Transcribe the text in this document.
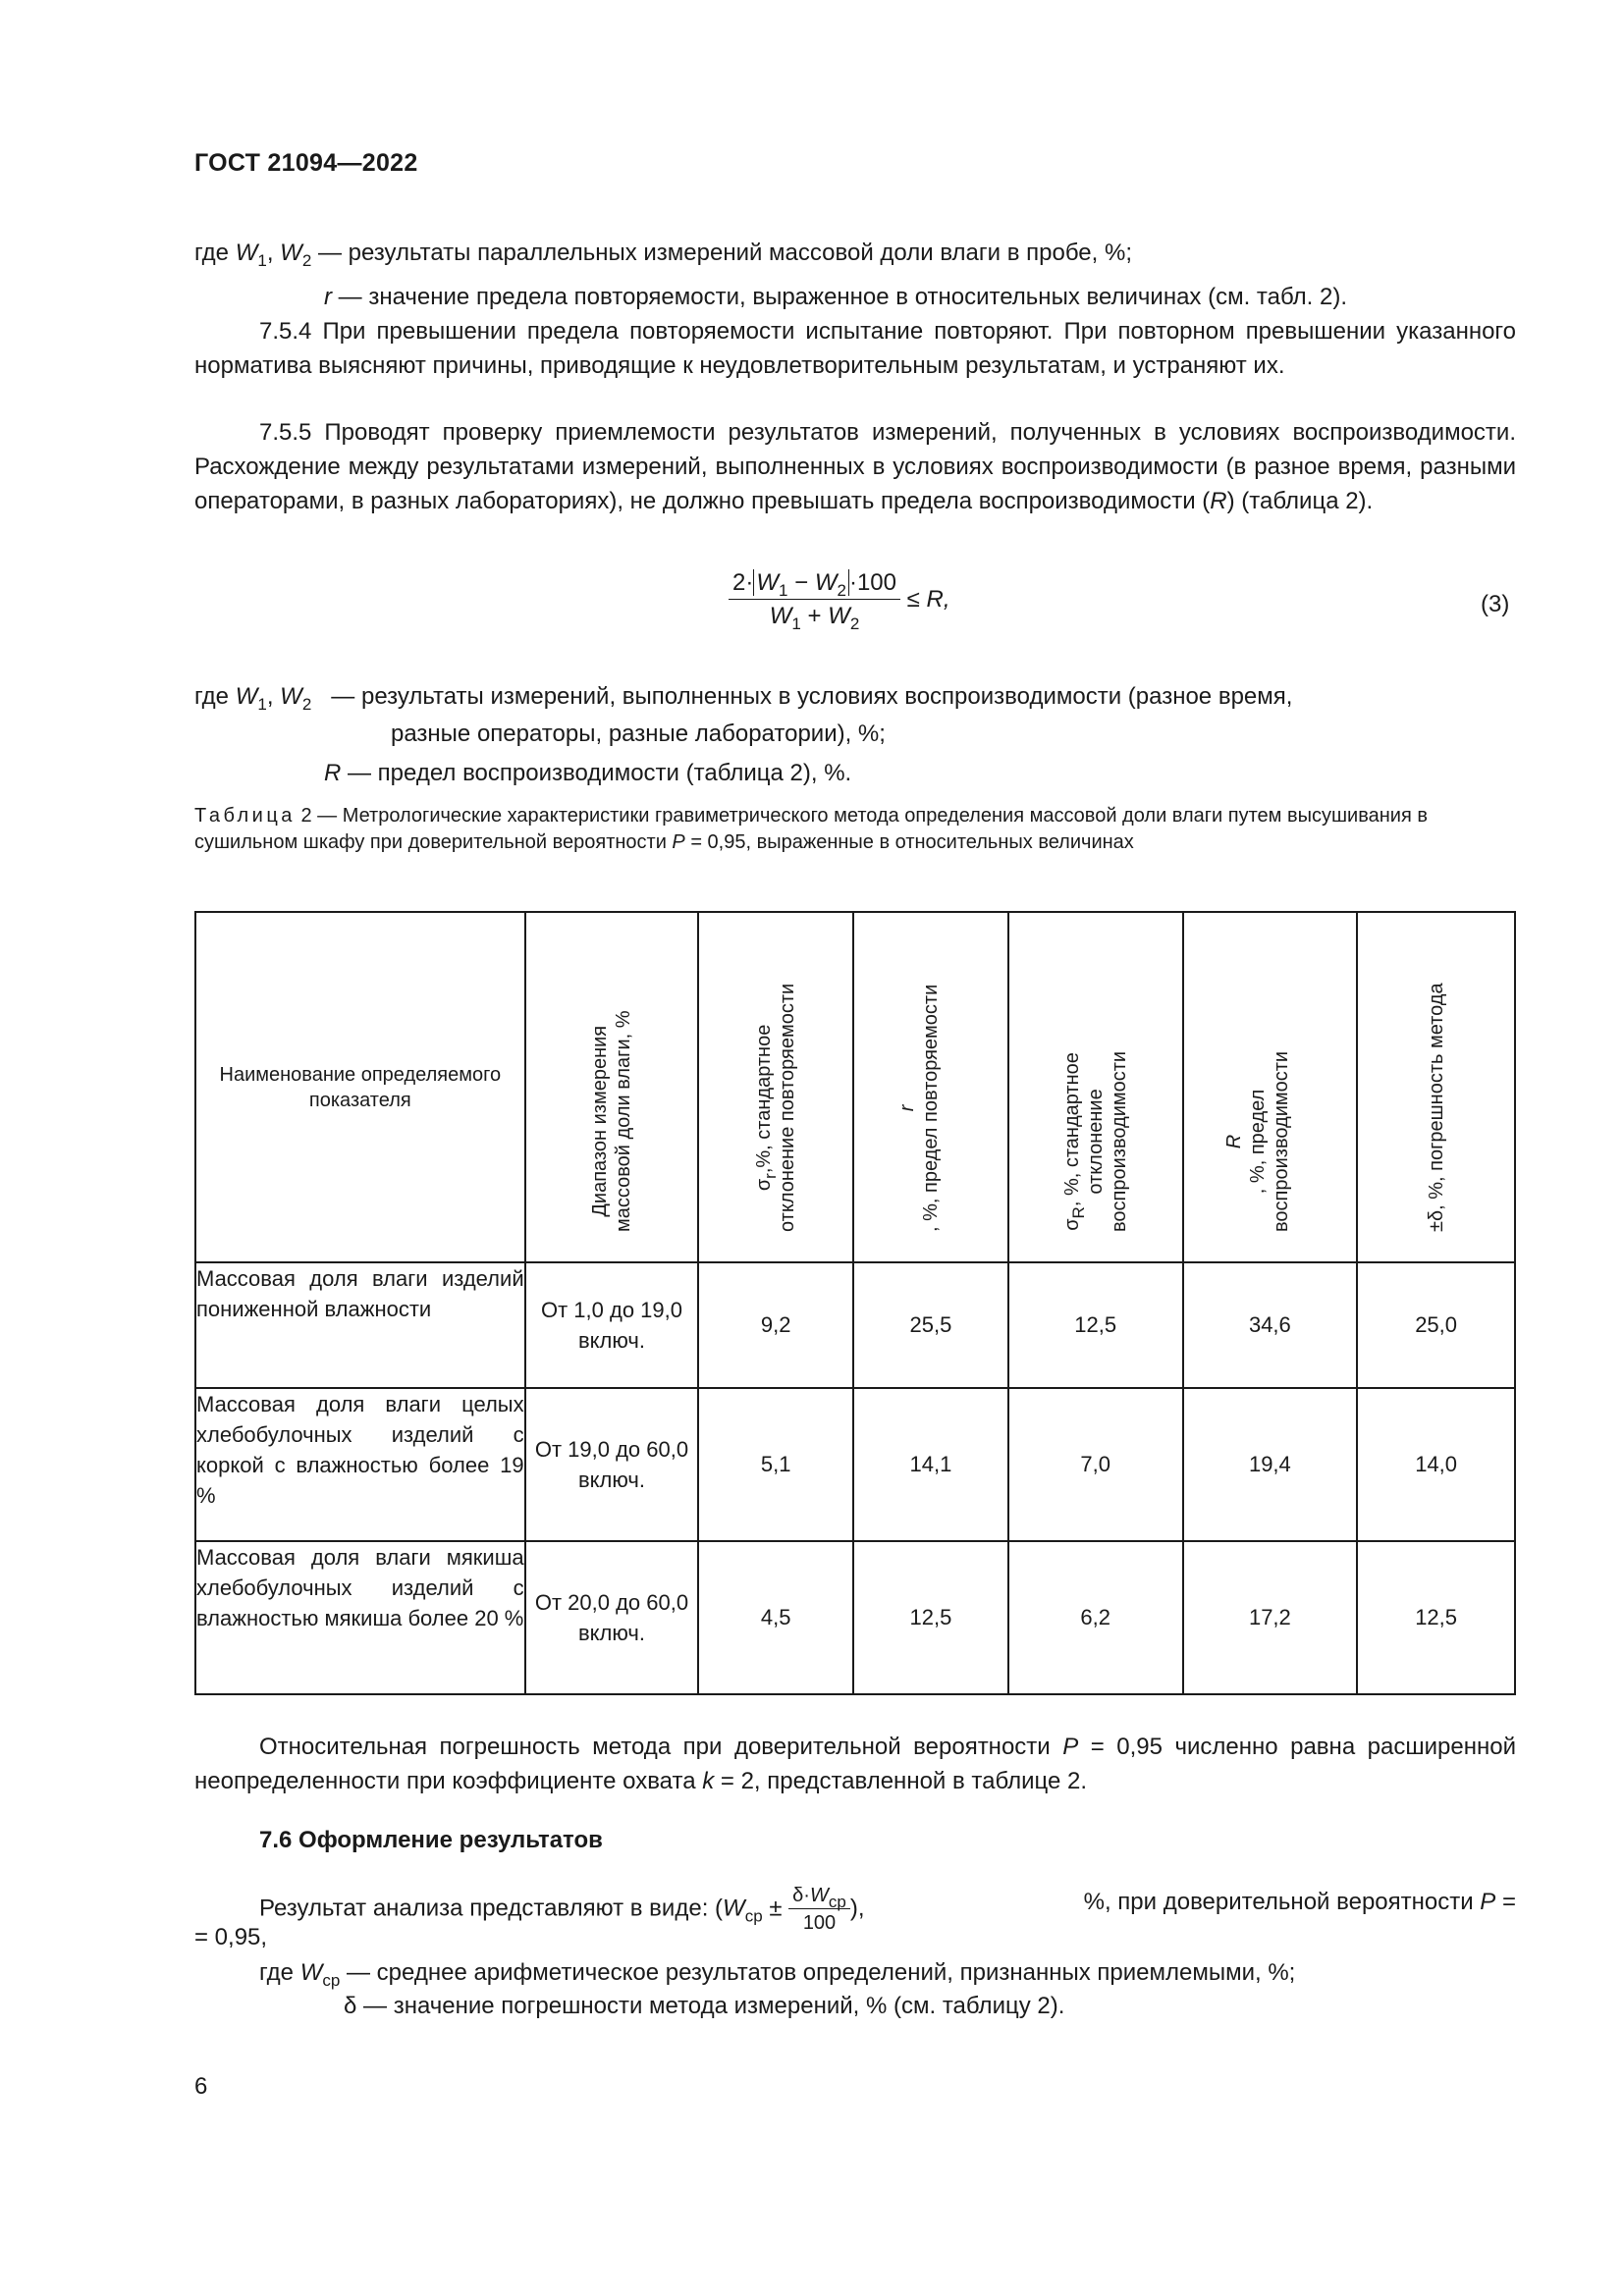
ГОСТ 21094—2022
где $W_1$, $W_2$ — результаты параллельных измерений массовой доли влаги в пробе, %;
r — значение предела повторяемости, выраженное в относительных величинах (см. табл. 2).
7.5.4 При превышении предела повторяемости испытание повторяют. При повторном превышении указанного норматива выясняют причины, приводящие к неудовлетворительным результатам, и устраняют их.
7.5.5 Проводят проверку приемлемости результатов измерений, полученных в условиях воспроизводимости. Расхождение между результатами измерений, выполненных в условиях воспроизводимости (в разное время, разными операторами, в разных лабораториях), не должно превышать предела воспроизводимости (R) (таблица 2).
$\frac{2\cdot W_1 - W_2 \cdot 100}{W_1 + W_2} \le R$,	(3)
где $W_1$, $W_2$   — результаты измерений, выполненных в условиях воспроизводимости (разное время,
разные операторы, разные лаборатории), %;
R — предел воспроизводимости (таблица 2), %.
Таблица 2 — Метрологические характеристики гравиметрического метода определения массовой доли влаги путем высушивания в сушильном шкафу при доверительной вероятности P = 0,95, выраженные в относительных величинах
Наименование определяемого показателя	Диапазон измерения массовой доли влаги, %	$\sigma_r,\%$, стандартное отклонение повторяемости	r , %, предел повторяемости	$\sigma_R$, %, стандартное отклонение воспроизводимости	R , %, предел воспроизводимости	±δ, %, погрешность метода

Массовая доля влаги изделий пониженной влажности	От 1,0 до 19,0 включ.	9,2	25,5	12,5	34,6	25,0
Массовая доля влаги целых хлебобулочных изделий с коркой с влажностью более 19 %	От 19,0 до 60,0 включ.	5,1	14,1	7,0	19,4	14,0
Массовая доля влаги мякиша хлебобулочных изделий с влажностью мякиша более 20 %	От 20,0 до 60,0 включ.	4,5	12,5	6,2	17,2	12,5
Относительная погрешность метода при доверительной вероятности P = 0,95 численно равна расширенной неопределенности при коэффициенте охвата k = 2, представленной в таблице 2.
7.6 Оформление результатов
Результат анализа представляют в виде: ($W_{ср} \pm \frac{\delta\cdot W_{ср}}{100}$ ),	%, при доверительной вероятности P =
= 0,95,
где $W_{ср}$ — среднее арифметическое результатов определений, признанных приемлемыми, %;
δ — значение погрешности метода измерений, % (см. таблицу 2).
6
